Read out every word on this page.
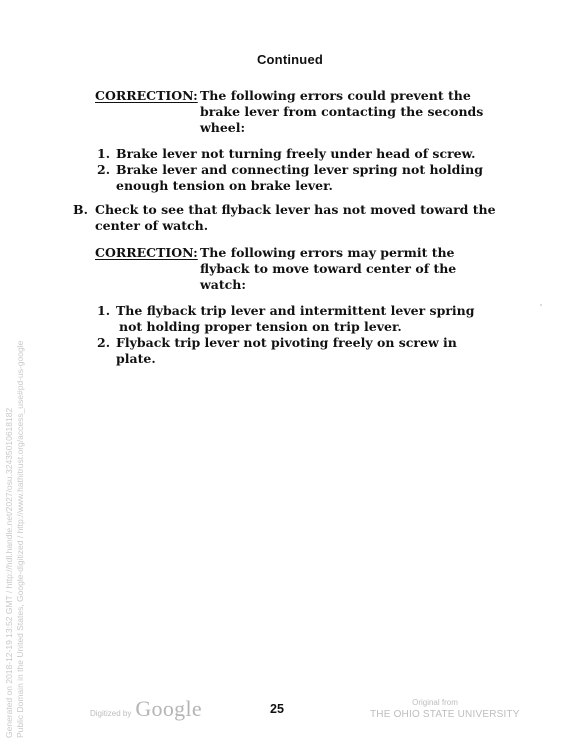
Continued
CORRECTION: The following errors could prevent the
brake lever from contacting the seconds
wheel:
1. Brake lever not turning freely under head of screw.
2. Brake lever and connecting lever spring not holding
enough tension on brake lever.
B. Check to see that flyback lever has not moved toward the
center of watch.
CORRECTION: The following errors may permit the
flyback to move toward center of the
watch:
1. The flyback trip lever and intermittent lever spring
not holding proper tension on trip lever.
2. Flyback trip lever not pivoting freely on screw in
plate.
Generated on 2018-12-19 13:52 GMT / http://hdl.handle.net/2027/osu.32435010618182 Public Domain in the United States, Google-digitized / http://www.hathitrust.org/access_use#pd-us-google	Digitized by Google	25	Original from
THE OHIO STATE UNIVERSITY
